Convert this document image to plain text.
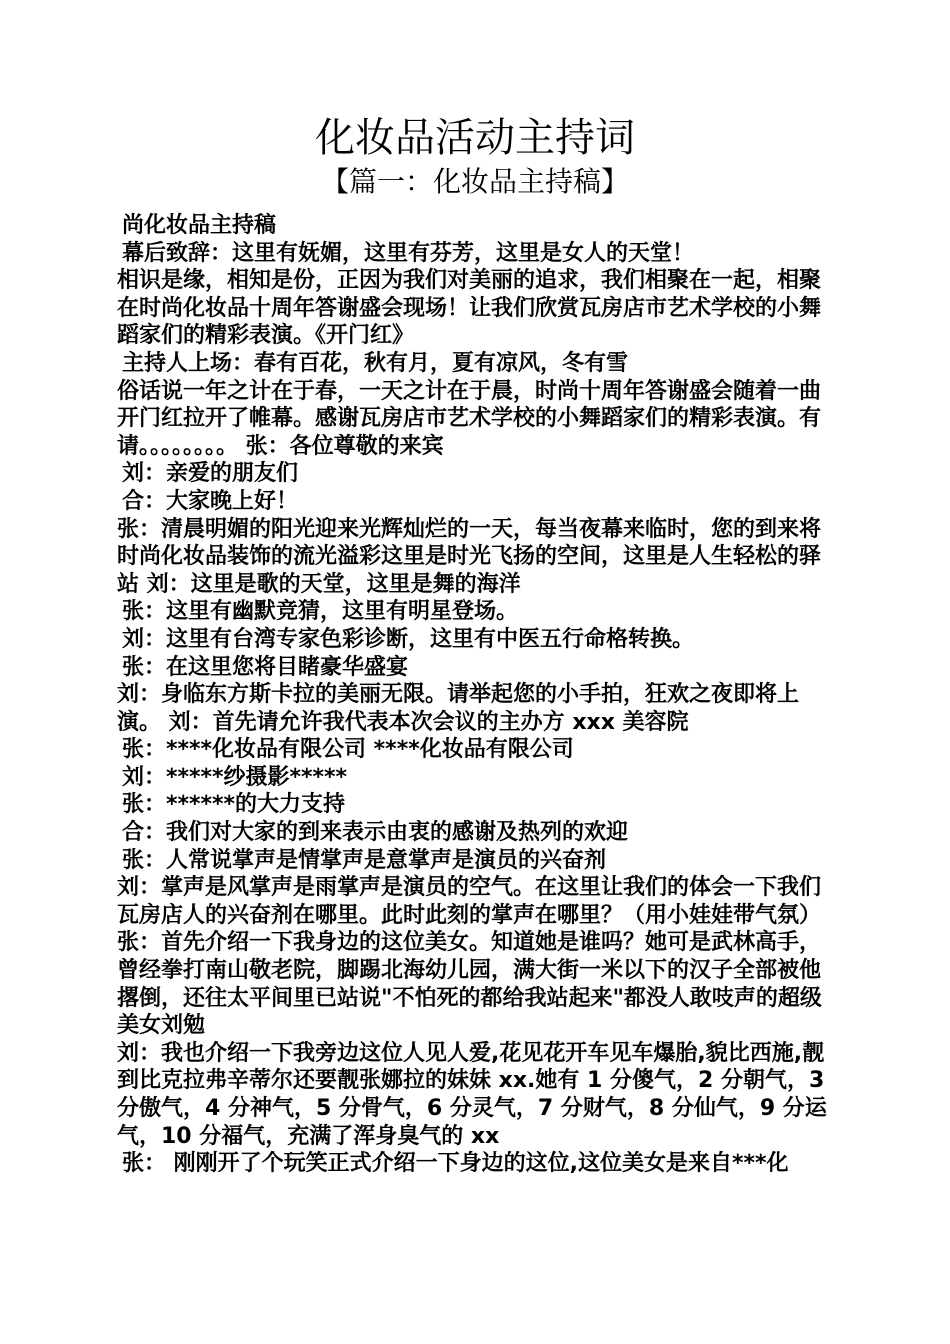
化妆品活动主持词
【篇一：化妆品主持稿】

尚化妆品主持稿

幕后致辞：这里有妩媚，这里有芬芳，这里是女人的天堂！

相识是缘，相知是份，正因为我们对美丽的追求，我们相聚在一起，相聚在时尚化妆品十周年答谢盛会现场！让我们欣赏瓦房店市艺术学校的小舞蹈家们的精彩表演。《开门红》

主持人上场：春有百花，秋有月，夏有凉风，冬有雪

俗话说一年之计在于春，一天之计在于晨，时尚十周年答谢盛会随着一曲开门红拉开了帷幕。感谢瓦房店市艺术学校的小舞蹈家们的精彩表演。有请。。。。。。。。 张：各位尊敬的来宾

刘：亲爱的朋友们

合：大家晚上好！

张：清晨明媚的阳光迎来光辉灿烂的一天，每当夜幕来临时，您的到来将时尚化妆品装饰的流光溢彩这里是时光飞扬的空间，这里是人生轻松的驿站 刘：这里是歌的天堂，这里是舞的海洋

张：这里有幽默竞猜，这里有明星登场。

刘：这里有台湾专家色彩诊断，这里有中医五行命格转换。

张：在这里您将目睹豪华盛宴

刘：身临东方斯卡拉的美丽无限。请举起您的小手拍，狂欢之夜即将上演。 刘：首先请允许我代表本次会议的主办方 xxx 美容院

张：****化妆品有限公司 ****化妆品有限公司

刘：*****纱摄影*****

张：******的大力支持

合：我们对大家的到来表示由衷的感谢及热列的欢迎

张：人常说掌声是情掌声是意掌声是演员的兴奋剂

刘：掌声是风掌声是雨掌声是演员的空气。在这里让我们的体会一下我们瓦房店人的兴奋剂在哪里。此时此刻的掌声在哪里？（用小娃娃带气氛）

张：首先介绍一下我身边的这位美女。知道她是谁吗？她可是武林高手，曾经拳打南山敬老院，脚踢北海幼儿园，满大街一米以下的汉子全部被他撂倒，还往太平间里已站说"不怕死的都给我站起来"都没人敢吱声的超级美女刘勉

刘：我也介绍一下我旁边这位人见人爱,花见花开车见车爆胎,貌比西施,靓到比克拉弗辛蒂尔还要靓张娜拉的妹妹 xx.她有 1 分傻气，2 分朝气，3 分傲气，4 分神气，5 分骨气，6 分灵气，7 分财气，8 分仙气，9 分运气，10 分福气，充满了浑身臭气的 xx

张： 刚刚开了个玩笑正式介绍一下身边的这位,这位美女是来自***化
